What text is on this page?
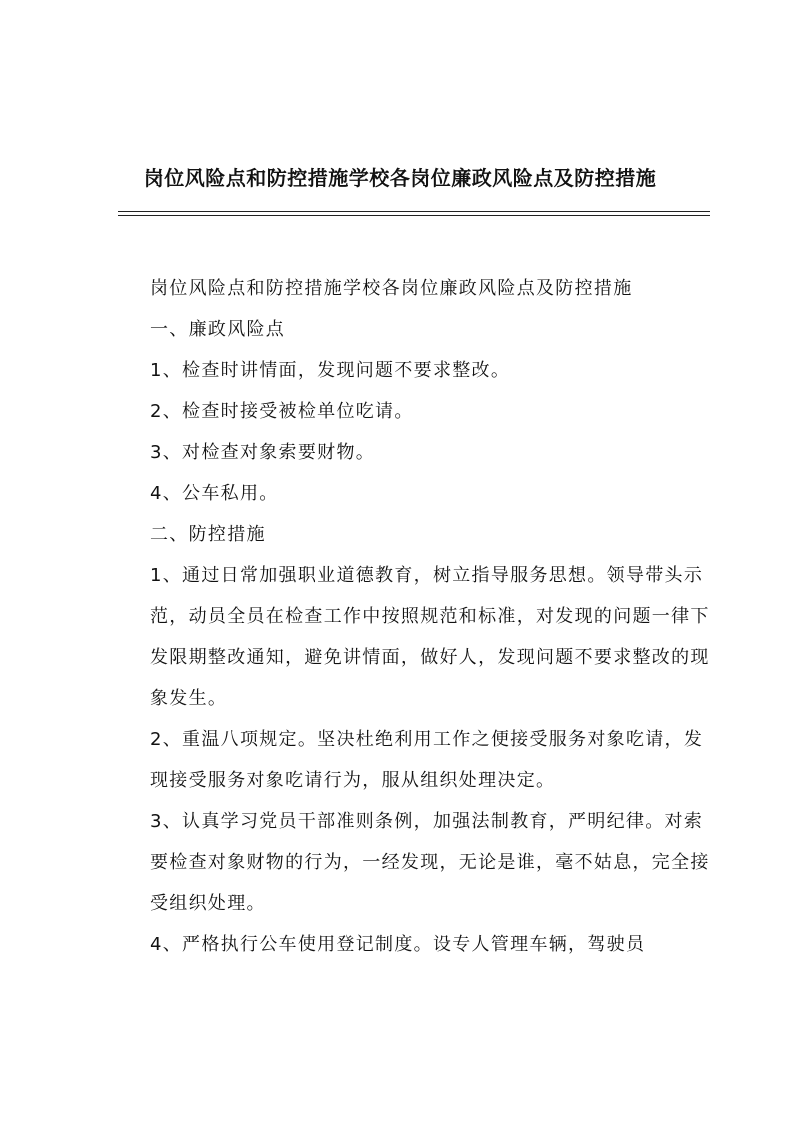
岗位风险点和防控措施学校各岗位廉政风险点及防控措施

岗位风险点和防控措施学校各岗位廉政风险点及防控措施

一、廉政风险点

1、检查时讲情面，发现问题不要求整改。

2、检查时接受被检单位吃请。

3、对检查对象索要财物。

4、公车私用。

二、防控措施

1、通过日常加强职业道德教育，树立指导服务思想。领导带头示范，动员全员在检查工作中按照规范和标准，对发现的问题一律下发限期整改通知，避免讲情面，做好人，发现问题不要求整改的现象发生。

2、重温八项规定。坚决杜绝利用工作之便接受服务对象吃请，发现接受服务对象吃请行为，服从组织处理决定。

3、认真学习党员干部准则条例，加强法制教育，严明纪律。对索要检查对象财物的行为，一经发现，无论是谁，毫不姑息，完全接受组织处理。

4、严格执行公车使用登记制度。设专人管理车辆，驾驶员
